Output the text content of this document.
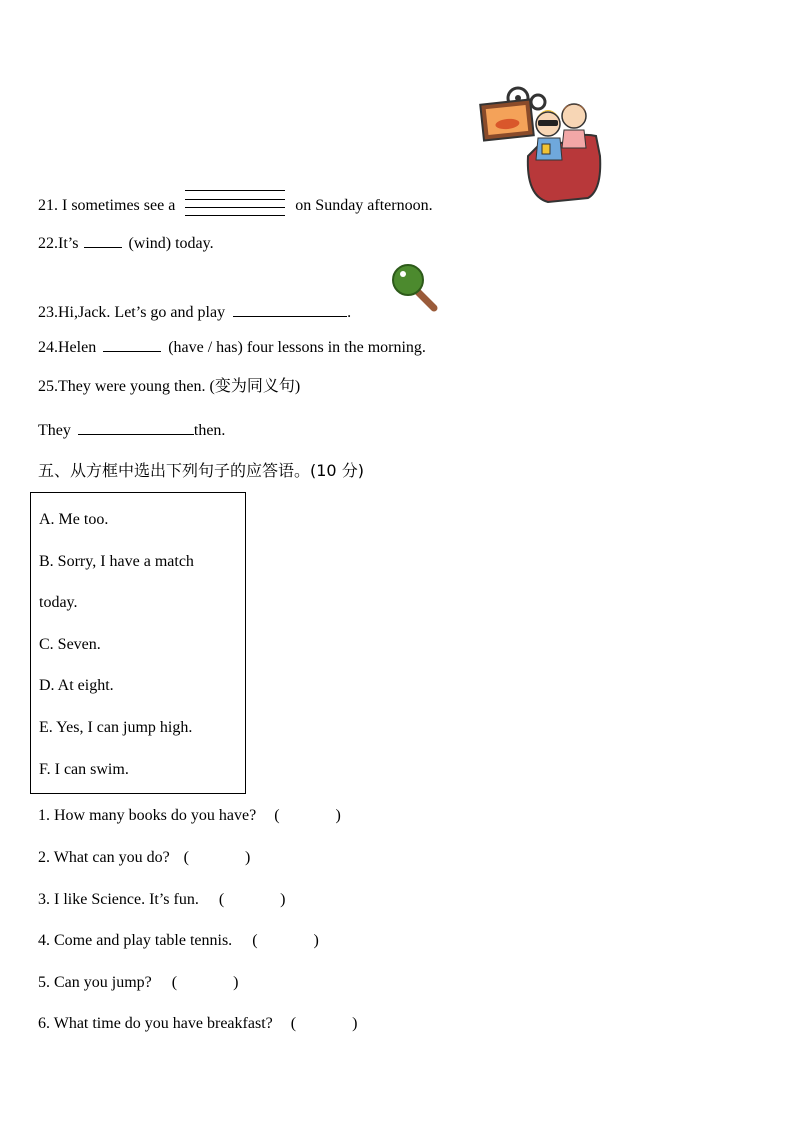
21. I sometimes see a	on Sunday afternoon.
22.It’s	(wind) today.
23.Hi,Jack. Let’s go and play	.
24.Helen	(have / has) four lessons in the morning.
25.They were young then. (变为同义句)
They	then.
五、从方框中选出下列句子的应答语。(10 分)
A. Me too.
B. Sorry, I have a match
today.
C. Seven.
D. At eight.
E. Yes, I can jump high.
F. I can swim.
1. How many books do you have? (	)
2. What can you do? (	)
3. I like Science. It’s fun. (	)
4. Come and play table tennis. (	)
5. Can you jump? (	)
6. What time do you have breakfast? (	)
